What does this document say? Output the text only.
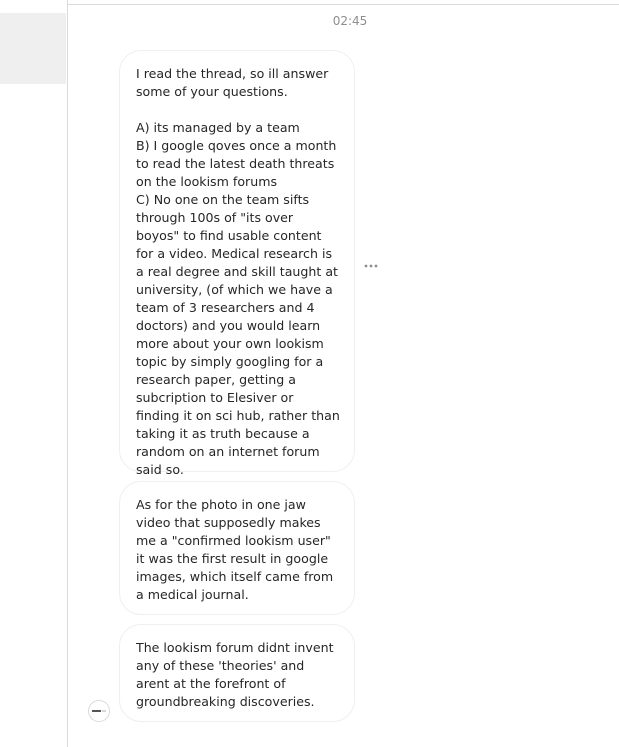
02:45
I read the thread, so ill answer some of your questions.

A) its managed by a team
B) I google qoves once a month to read the latest death threats on the lookism forums
C) No one on the team sifts through 100s of "its over boyos" to find usable content for a video. Medical research is a real degree and skill taught at university, (of which we have a team of 3 researchers and 4 doctors) and you would learn more about your own lookism topic by simply googling for a research paper, getting a subcription to Elesiver or finding it on sci hub, rather than taking it as truth because a random on an internet forum said so.
As for the photo in one jaw video that supposedly makes me a "confirmed lookism user" it was the first result in google images, which itself came from a medical journal.
The lookism forum didnt invent any of these 'theories' and arent at the forefront of groundbreaking discoveries.
